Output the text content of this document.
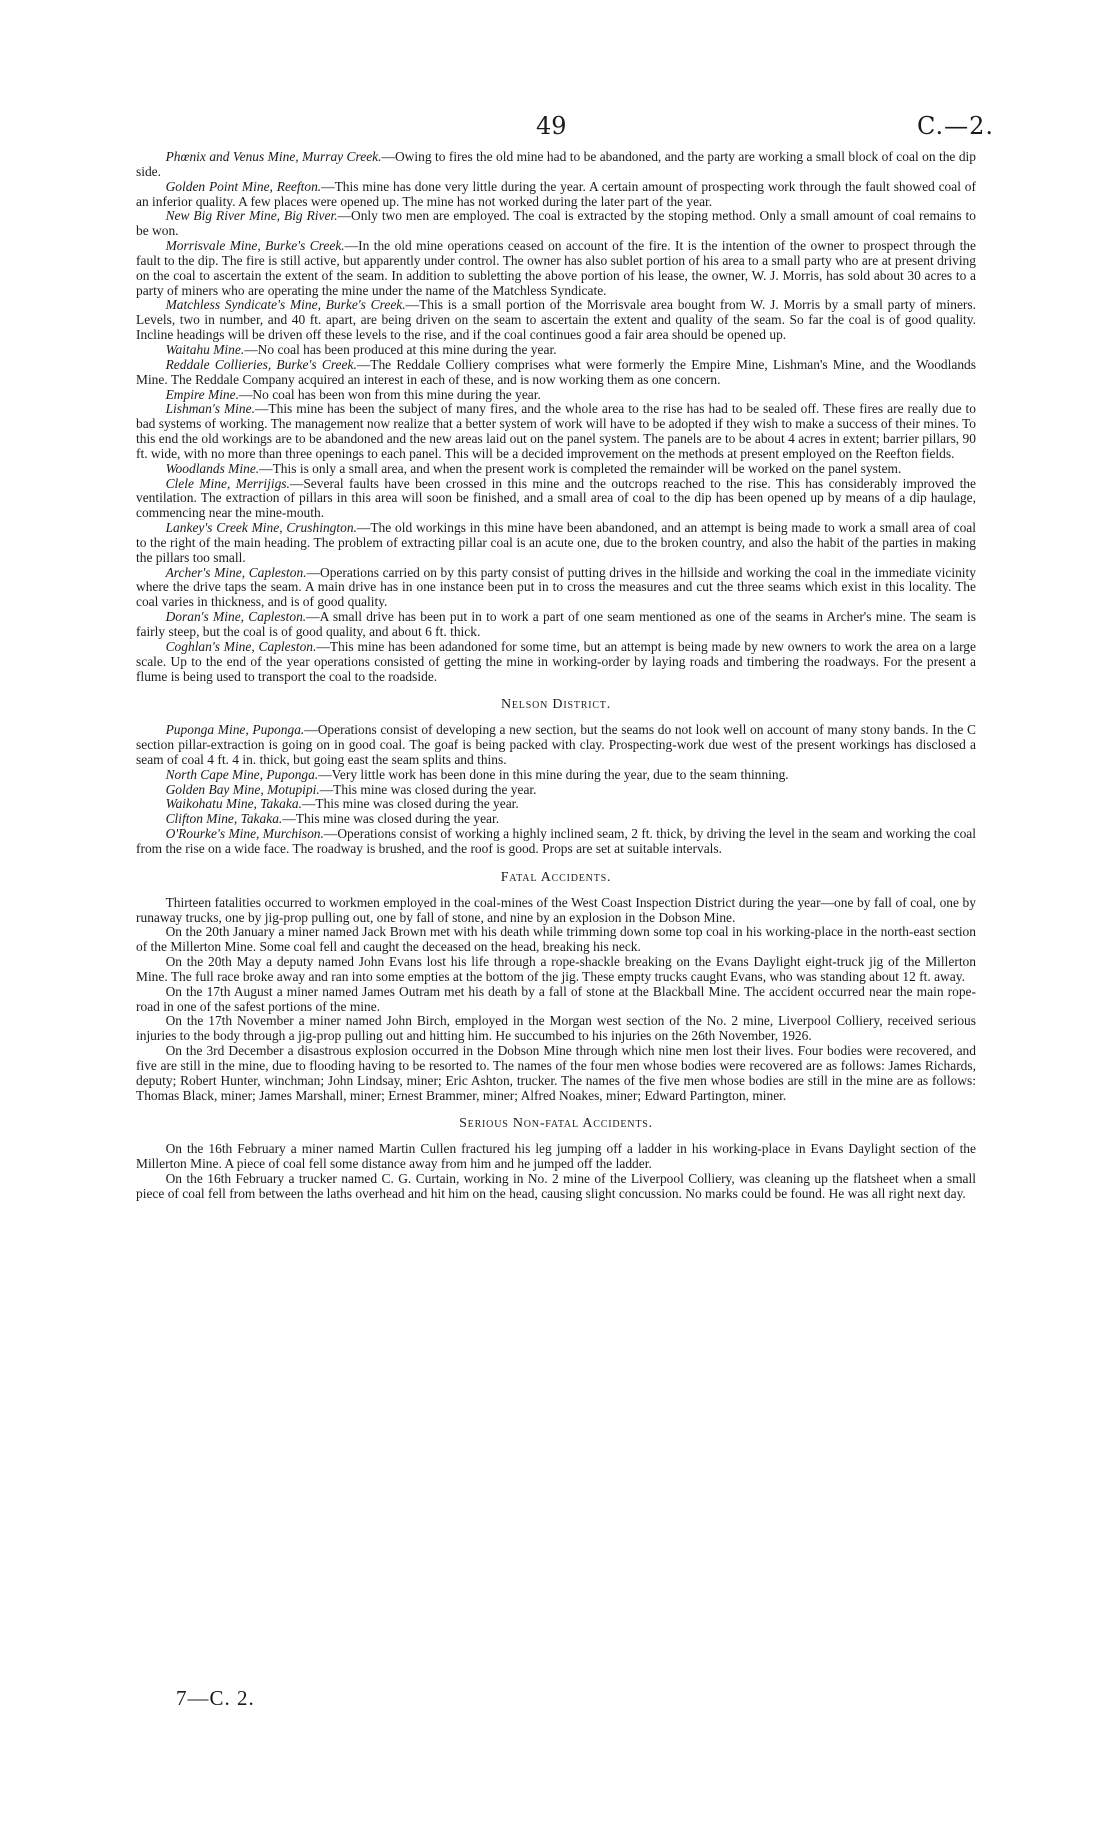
49	C.—2.

Phœnix and Venus Mine, Murray Creek.—Owing to fires the old mine had to be abandoned, and the party are working a small block of coal on the dip side.

Golden Point Mine, Reefton.—This mine has done very little during the year. A certain amount of prospecting work through the fault showed coal of an inferior quality. A few places were opened up. The mine has not worked during the later part of the year.

New Big River Mine, Big River.—Only two men are employed. The coal is extracted by the stoping method. Only a small amount of coal remains to be won.

Morrisvale Mine, Burke's Creek.—In the old mine operations ceased on account of the fire. It is the intention of the owner to prospect through the fault to the dip. The fire is still active, but apparently under control. The owner has also sublet portion of his area to a small party who are at present driving on the coal to ascertain the extent of the seam. In addition to subletting the above portion of his lease, the owner, W. J. Morris, has sold about 30 acres to a party of miners who are operating the mine under the name of the Matchless Syndicate.

Matchless Syndicate's Mine, Burke's Creek.—This is a small portion of the Morrisvale area bought from W. J. Morris by a small party of miners. Levels, two in number, and 40 ft. apart, are being driven on the seam to ascertain the extent and quality of the seam. So far the coal is of good quality. Incline headings will be driven off these levels to the rise, and if the coal continues good a fair area should be opened up.

Waitahu Mine.—No coal has been produced at this mine during the year.

Reddale Collieries, Burke's Creek.—The Reddale Colliery comprises what were formerly the Empire Mine, Lishman's Mine, and the Woodlands Mine. The Reddale Company acquired an interest in each of these, and is now working them as one concern.

Empire Mine.—No coal has been won from this mine during the year.

Lishman's Mine.—This mine has been the subject of many fires, and the whole area to the rise has had to be sealed off. These fires are really due to bad systems of working. The management now realize that a better system of work will have to be adopted if they wish to make a success of their mines. To this end the old workings are to be abandoned and the new areas laid out on the panel system. The panels are to be about 4 acres in extent; barrier pillars, 90 ft. wide, with no more than three openings to each panel. This will be a decided improvement on the methods at present employed on the Reefton fields.

Woodlands Mine.—This is only a small area, and when the present work is completed the remainder will be worked on the panel system.

Clele Mine, Merrijigs.—Several faults have been crossed in this mine and the outcrops reached to the rise. This has considerably improved the ventilation. The extraction of pillars in this area will soon be finished, and a small area of coal to the dip has been opened up by means of a dip haulage, commencing near the mine-mouth.

Lankey's Creek Mine, Crushington.—The old workings in this mine have been abandoned, and an attempt is being made to work a small area of coal to the right of the main heading. The problem of extracting pillar coal is an acute one, due to the broken country, and also the habit of the parties in making the pillars too small.

Archer's Mine, Capleston.—Operations carried on by this party consist of putting drives in the hillside and working the coal in the immediate vicinity where the drive taps the seam. A main drive has in one instance been put in to cross the measures and cut the three seams which exist in this locality. The coal varies in thickness, and is of good quality.

Doran's Mine, Capleston.—A small drive has been put in to work a part of one seam mentioned as one of the seams in Archer's mine. The seam is fairly steep, but the coal is of good quality, and about 6 ft. thick.

Coghlan's Mine, Capleston.—This mine has been adandoned for some time, but an attempt is being made by new owners to work the area on a large scale. Up to the end of the year operations consisted of getting the mine in working-order by laying roads and timbering the roadways. For the present a flume is being used to transport the coal to the roadside.

Nelson District.

Puponga Mine, Puponga.—Operations consist of developing a new section, but the seams do not look well on account of many stony bands. In the C section pillar-extraction is going on in good coal. The goaf is being packed with clay. Prospecting-work due west of the present workings has disclosed a seam of coal 4 ft. 4 in. thick, but going east the seam splits and thins.

North Cape Mine, Puponga.—Very little work has been done in this mine during the year, due to the seam thinning.

Golden Bay Mine, Motupipi.—This mine was closed during the year.

Waikohatu Mine, Takaka.—This mine was closed during the year.

Clifton Mine, Takaka.—This mine was closed during the year.

O'Rourke's Mine, Murchison.—Operations consist of working a highly inclined seam, 2 ft. thick, by driving the level in the seam and working the coal from the rise on a wide face. The roadway is brushed, and the roof is good. Props are set at suitable intervals.

Fatal Accidents.

Thirteen fatalities occurred to workmen employed in the coal-mines of the West Coast Inspection District during the year—one by fall of coal, one by runaway trucks, one by jig-prop pulling out, one by fall of stone, and nine by an explosion in the Dobson Mine.

On the 20th January a miner named Jack Brown met with his death while trimming down some top coal in his working-place in the north-east section of the Millerton Mine. Some coal fell and caught the deceased on the head, breaking his neck.

On the 20th May a deputy named John Evans lost his life through a rope-shackle breaking on the Evans Daylight eight-truck jig of the Millerton Mine. The full race broke away and ran into some empties at the bottom of the jig. These empty trucks caught Evans, who was standing about 12 ft. away.

On the 17th August a miner named James Outram met his death by a fall of stone at the Blackball Mine. The accident occurred near the main rope-road in one of the safest portions of the mine.

On the 17th November a miner named John Birch, employed in the Morgan west section of the No. 2 mine, Liverpool Colliery, received serious injuries to the body through a jig-prop pulling out and hitting him. He succumbed to his injuries on the 26th November, 1926.

On the 3rd December a disastrous explosion occurred in the Dobson Mine through which nine men lost their lives. Four bodies were recovered, and five are still in the mine, due to flooding having to be resorted to. The names of the four men whose bodies were recovered are as follows: James Richards, deputy; Robert Hunter, winchman; John Lindsay, miner; Eric Ashton, trucker. The names of the five men whose bodies are still in the mine are as follows: Thomas Black, miner; James Marshall, miner; Ernest Brammer, miner; Alfred Noakes, miner; Edward Partington, miner.

Serious Non-fatal Accidents.

On the 16th February a miner named Martin Cullen fractured his leg jumping off a ladder in his working-place in Evans Daylight section of the Millerton Mine. A piece of coal fell some distance away from him and he jumped off the ladder.

On the 16th February a trucker named C. G. Curtain, working in No. 2 mine of the Liverpool Colliery, was cleaning up the flatsheet when a small piece of coal fell from between the laths overhead and hit him on the head, causing slight concussion. No marks could be found. He was all right next day.

7—C. 2.
